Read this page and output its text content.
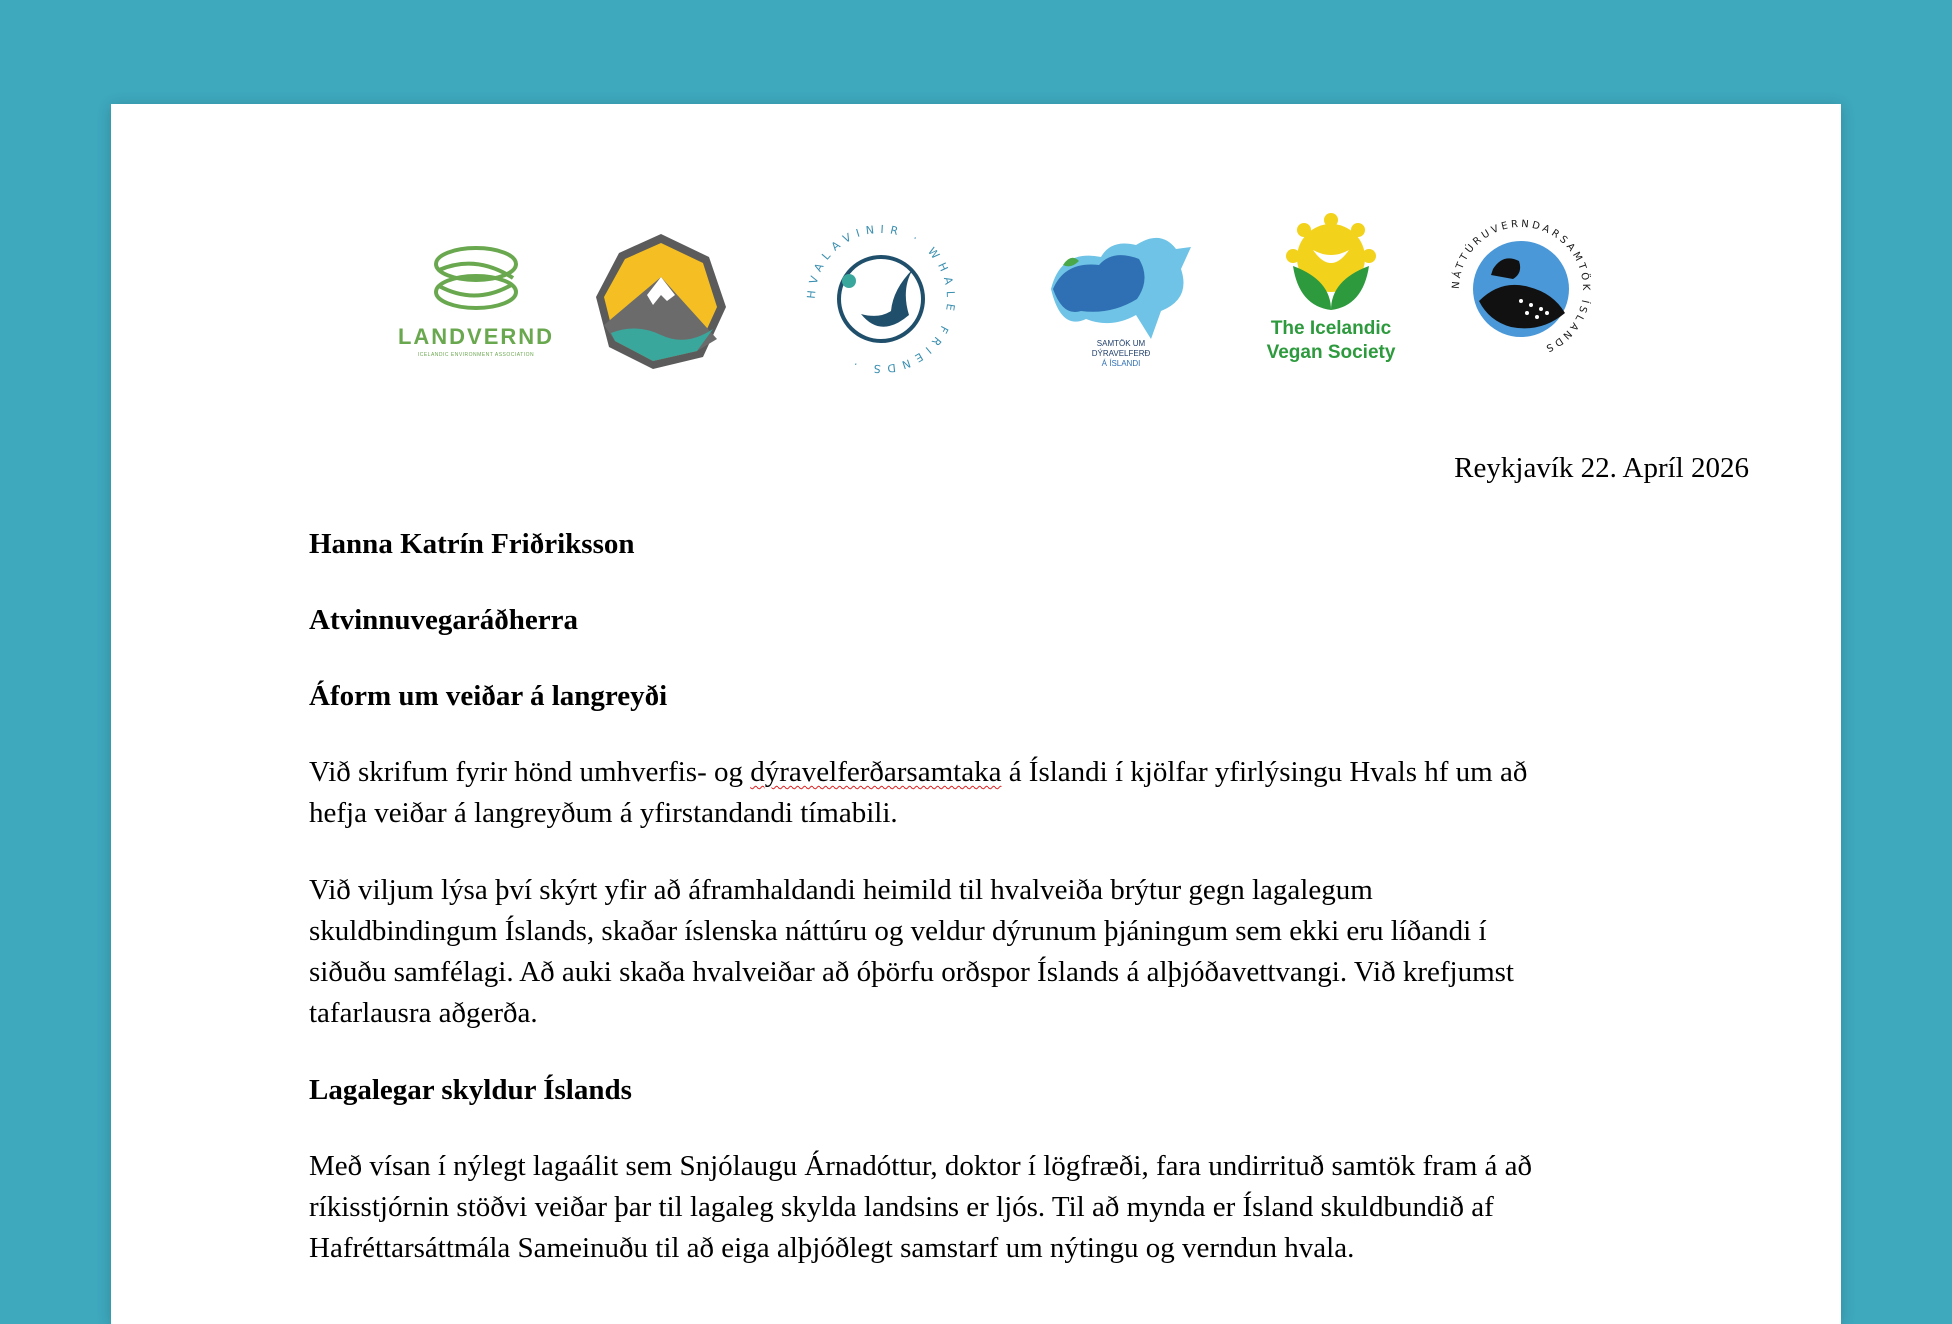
LANDVERND
ICELANDIC ENVIRONMENT ASSOCIATION
HVALAVINIR · WHALE FRIENDS ·
SAMTÖK UM
DÝRAVELFERÐ
Á ÍSLANDI
The Icelandic
Vegan Society
NÁTTÚRUVERNDARSAMTÖK ÍSLANDS
Reykjavík 22. Apríl 2026
Hanna Katrín Friðriksson
Atvinnuvegaráðherra
Áform um veiðar á langreyði
Við skrifum fyrir hönd umhverfis- og dýravelferðarsamtaka á Íslandi í kjölfar yfirlýsingu Hvals hf um að
hefja veiðar á langreyðum á yfirstandandi tímabili.
Við viljum lýsa því skýrt yfir að áframhaldandi heimild til hvalveiða brýtur gegn lagalegum
skuldbindingum Íslands, skaðar íslenska náttúru og veldur dýrunum þjáningum sem ekki eru líðandi í
siðuðu samfélagi. Að auki skaða hvalveiðar að óþörfu orðspor Íslands á alþjóðavettvangi. Við krefjumst
tafarlausra aðgerða.
Lagalegar skyldur Íslands
Með vísan í nýlegt lagaálit sem Snjólaugu Árnadóttur, doktor í lögfræði, fara undirrituð samtök fram á að
ríkisstjórnin stöðvi veiðar þar til lagaleg skylda landsins er ljós. Til að mynda er Ísland skuldbundið af
Hafréttarsáttmála Sameinuðu til að eiga alþjóðlegt samstarf um nýtingu og verndun hvala.
